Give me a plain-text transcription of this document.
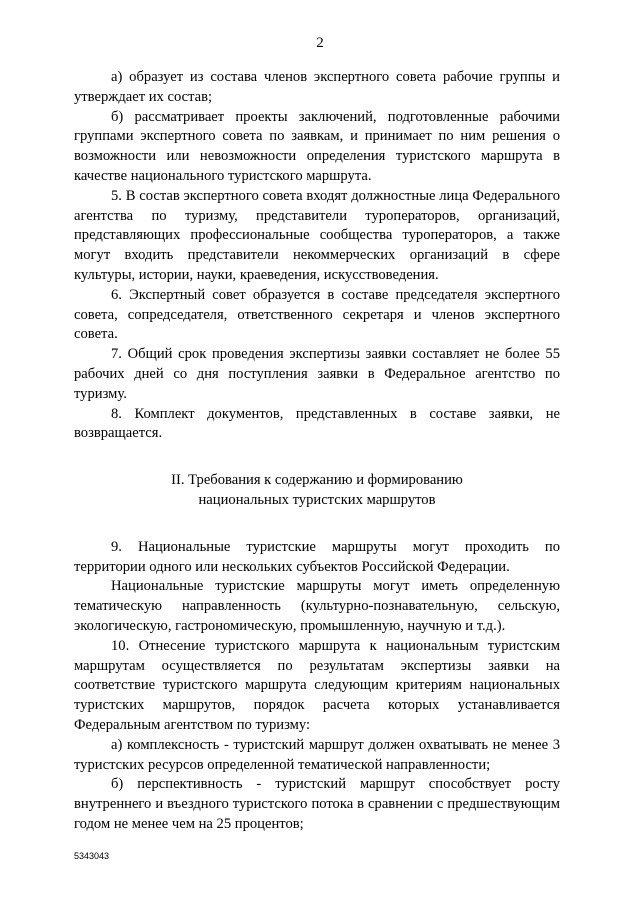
2

а) образует из состава членов экспертного совета рабочие группы и утверждает их состав;

б) рассматривает проекты заключений, подготовленные рабочими группами экспертного совета по заявкам, и принимает по ним решения о возможности или невозможности определения туристского маршрута в качестве национального туристского маршрута.

5. В состав экспертного совета входят должностные лица Федерального агентства по туризму, представители туроператоров, организаций, представляющих профессиональные сообщества туроператоров, а также могут входить представители некоммерческих организаций в сфере культуры, истории, науки, краеведения, искусствоведения.

6. Экспертный совет образуется в составе председателя экспертного совета, сопредседателя, ответственного секретаря и членов экспертного совета.

7. Общий срок проведения экспертизы заявки составляет не более 55 рабочих дней со дня поступления заявки в Федеральное агентство по туризму.

8. Комплект документов, представленных в составе заявки, не возвращается.

II. Требования к содержанию и формированию
национальных туристских маршрутов

9. Национальные туристские маршруты могут проходить по территории одного или нескольких субъектов Российской Федерации.

Национальные туристские маршруты могут иметь определенную тематическую направленность (культурно-познавательную, сельскую, экологическую, гастрономическую, промышленную, научную и т.д.).

10. Отнесение туристского маршрута к национальным туристским маршрутам осуществляется по результатам экспертизы заявки на соответствие туристского маршрута следующим критериям национальных туристских маршрутов, порядок расчета которых устанавливается Федеральным агентством по туризму:

а) комплексность - туристский маршрут должен охватывать не менее 3 туристских ресурсов определенной тематической направленности;

б) перспективность - туристский маршрут способствует росту внутреннего и въездного туристского потока в сравнении с предшествующим годом не менее чем на 25 процентов;

5343043
